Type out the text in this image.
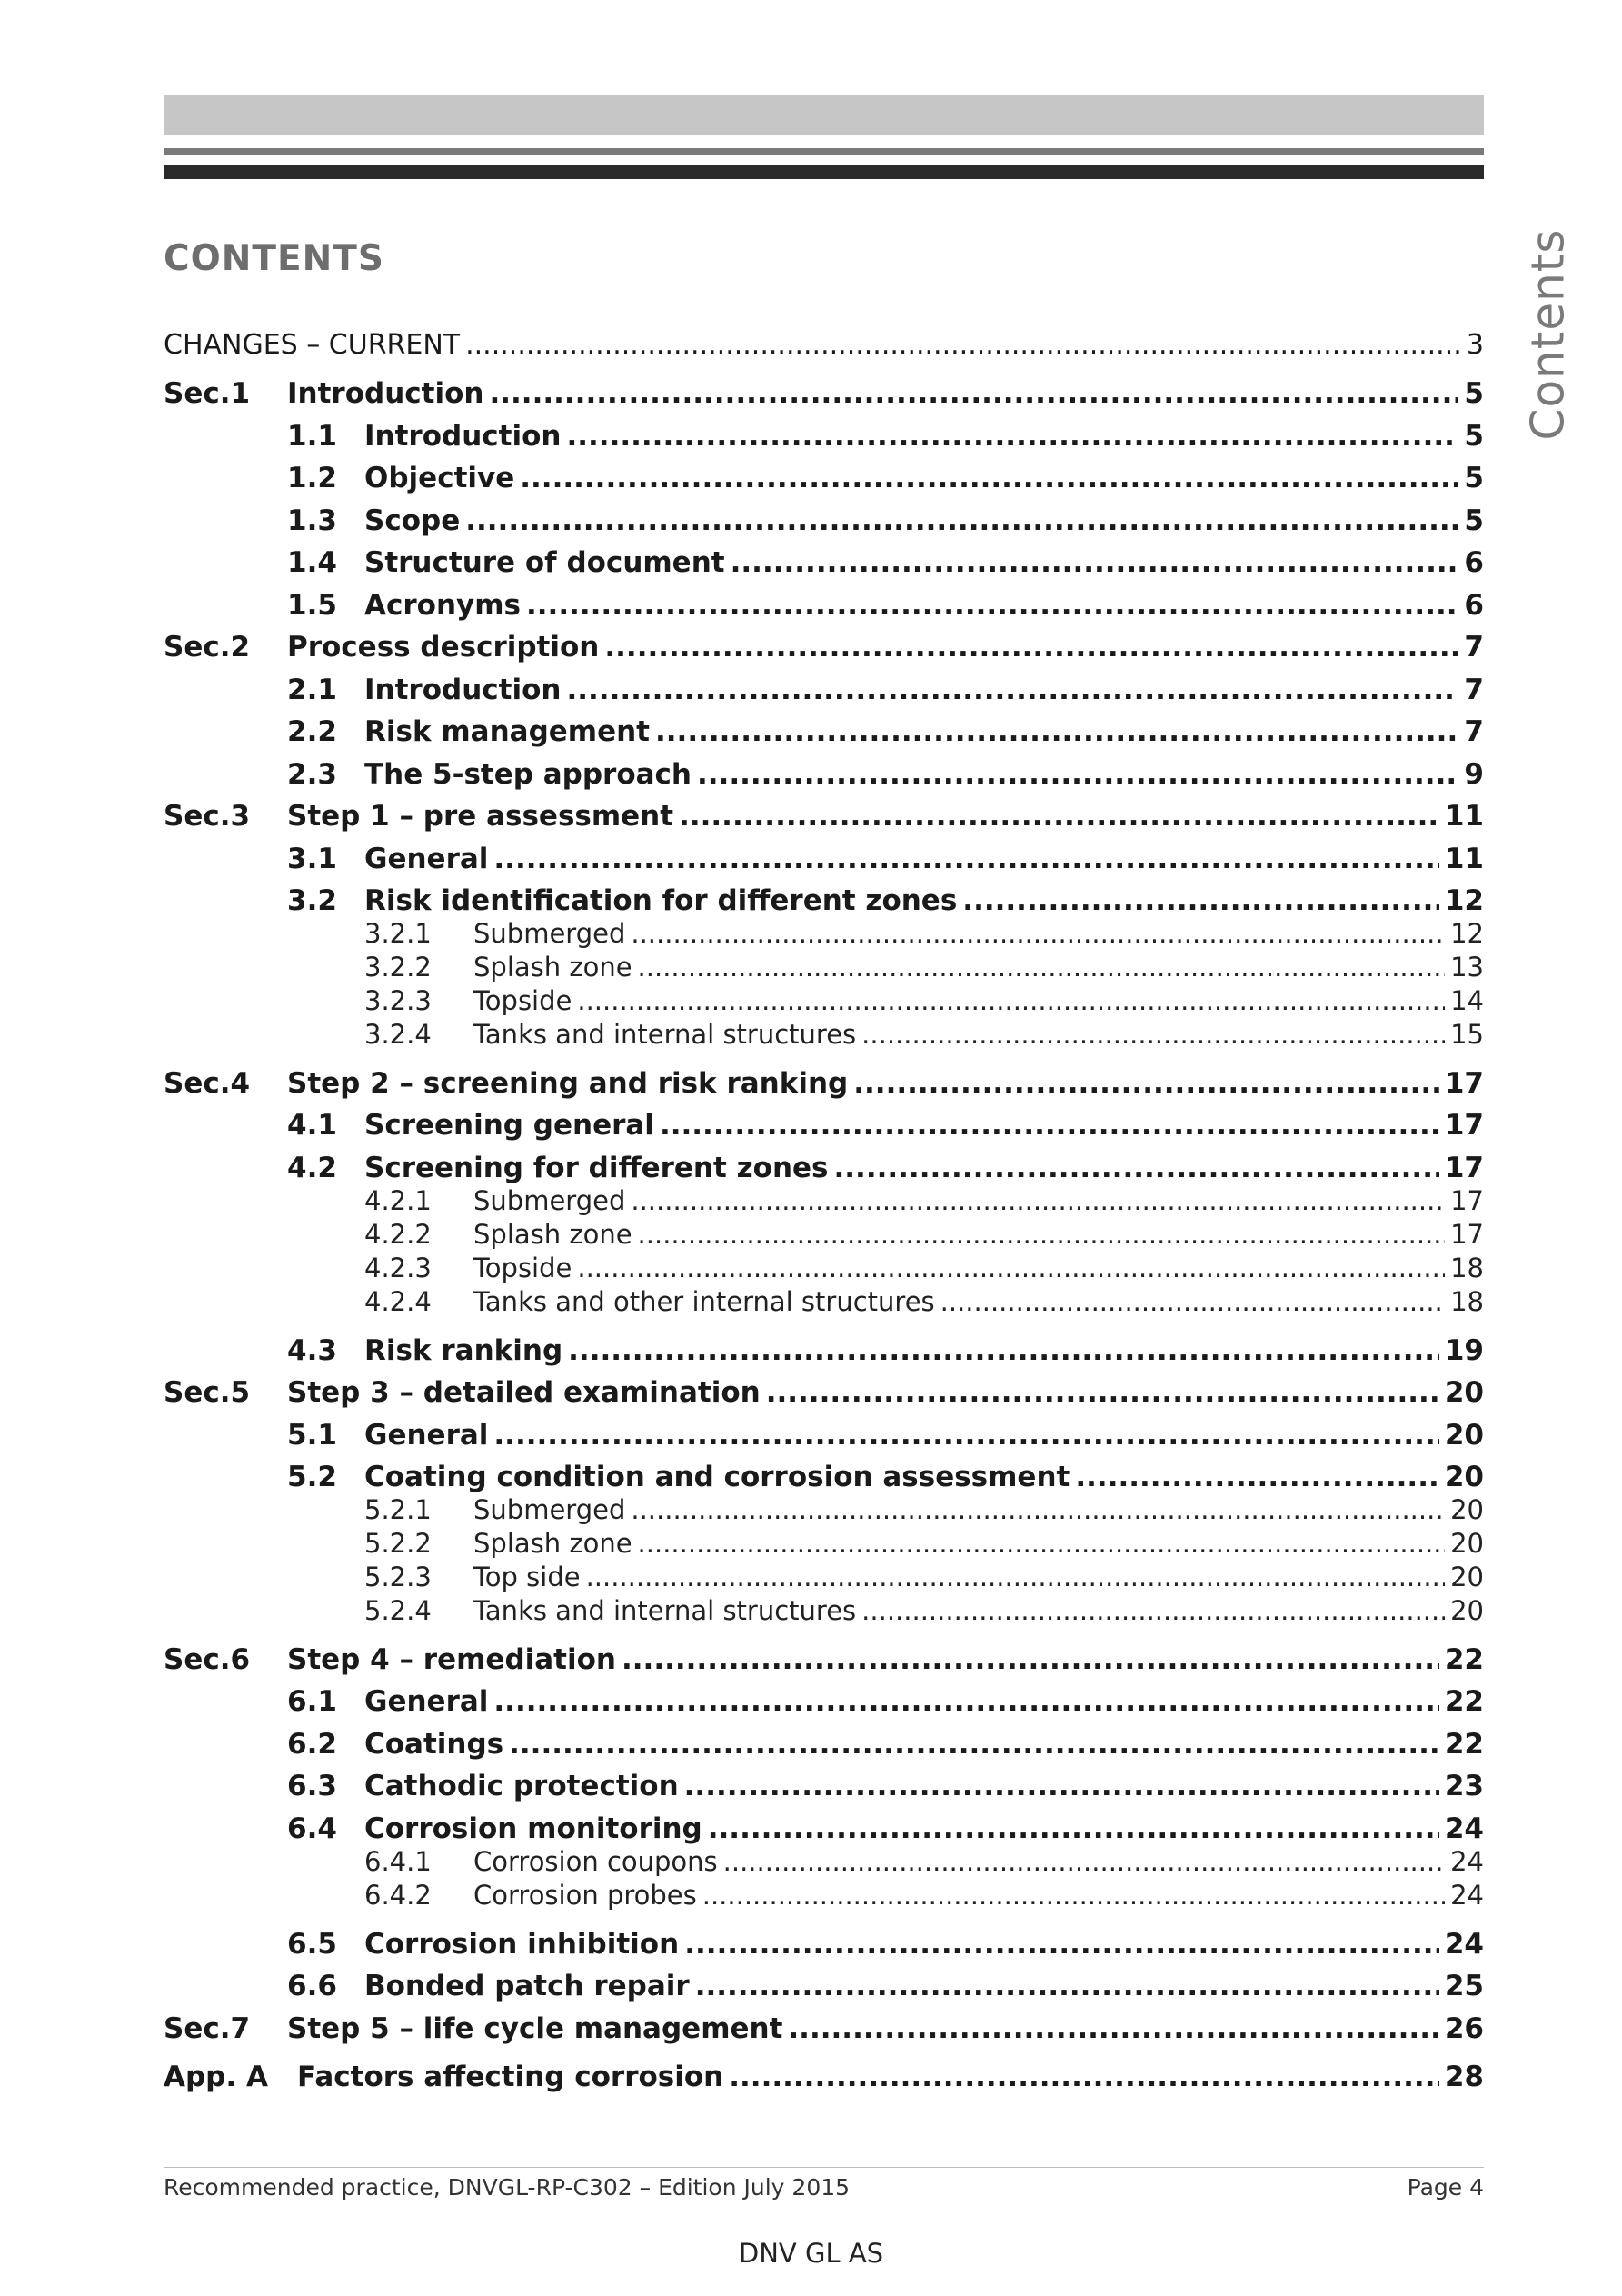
Contents
CONTENTS
CHANGES – CURRENT .....	3
Sec.1	Introduction .....	5
1.1 Introduction .....	5
1.2 Objective .....	5
1.3 Scope .....	5
1.4 Structure of document .....	6
1.5 Acronyms .....	6
Sec.2	Process description .....	7
2.1 Introduction .....	7
2.2 Risk management .....	7
2.3 The 5-step approach .....	9
Sec.3	Step 1 – pre assessment .....	11
3.1 General .....	11
3.2 Risk identification for different zones .....	12
3.2.1	Submerged .....	12
3.2.2	Splash zone .....	13
3.2.3	Topside .....	14
3.2.4	Tanks and internal structures .....	15
Sec.4	Step 2 – screening and risk ranking .....	17
4.1 Screening general .....	17
4.2 Screening for different zones .....	17
4.2.1	Submerged .....	17
4.2.2	Splash zone .....	17
4.2.3	Topside .....	18
4.2.4	Tanks and other internal structures .....	18
4.3 Risk ranking .....	19
Sec.5	Step 3 – detailed examination .....	20
5.1 General .....	20
5.2 Coating condition and corrosion assessment .....	20
5.2.1	Submerged .....	20
5.2.2	Splash zone .....	20
5.2.3	Top side .....	20
5.2.4	Tanks and internal structures .....	20
Sec.6	Step 4 – remediation .....	22
6.1 General .....	22
6.2 Coatings .....	22
6.3 Cathodic protection .....	23
6.4 Corrosion monitoring .....	24
6.4.1	Corrosion coupons .....	24
6.4.2	Corrosion probes .....	24
6.5 Corrosion inhibition .....	24
6.6 Bonded patch repair .....	25
Sec.7	Step 5 – life cycle management .....	26
App. A	Factors affecting corrosion .....	28
Recommended practice, DNVGL-RP-C302 – Edition July 2015	Page 4
DNV GL AS
